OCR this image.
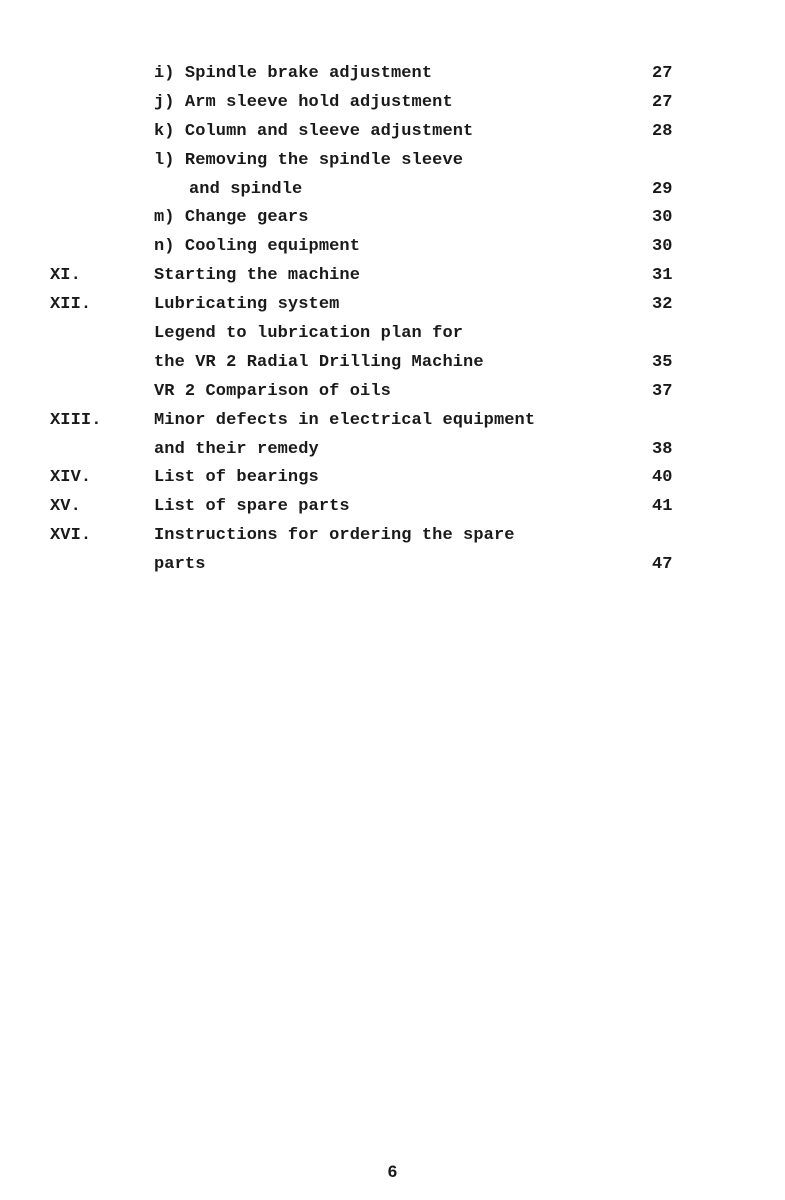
i) Spindle brake adjustment	27
j) Arm sleeve hold adjustment	27
k) Column and sleeve adjustment	28
l) Removing the spindle sleeve
and spindle	29
m) Change gears	30
n) Cooling equipment	30
XI.	Starting the machine	31
XII.	Lubricating system	32
Legend to lubrication plan for
the VR 2 Radial Drilling Machine	35
VR 2 Comparison of oils	37
XIII.	Minor defects in electrical equipment
and their remedy	38
XIV.	List of bearings	40
XV.	List of spare parts	41
XVI.	Instructions for ordering the spare
parts	47
6
